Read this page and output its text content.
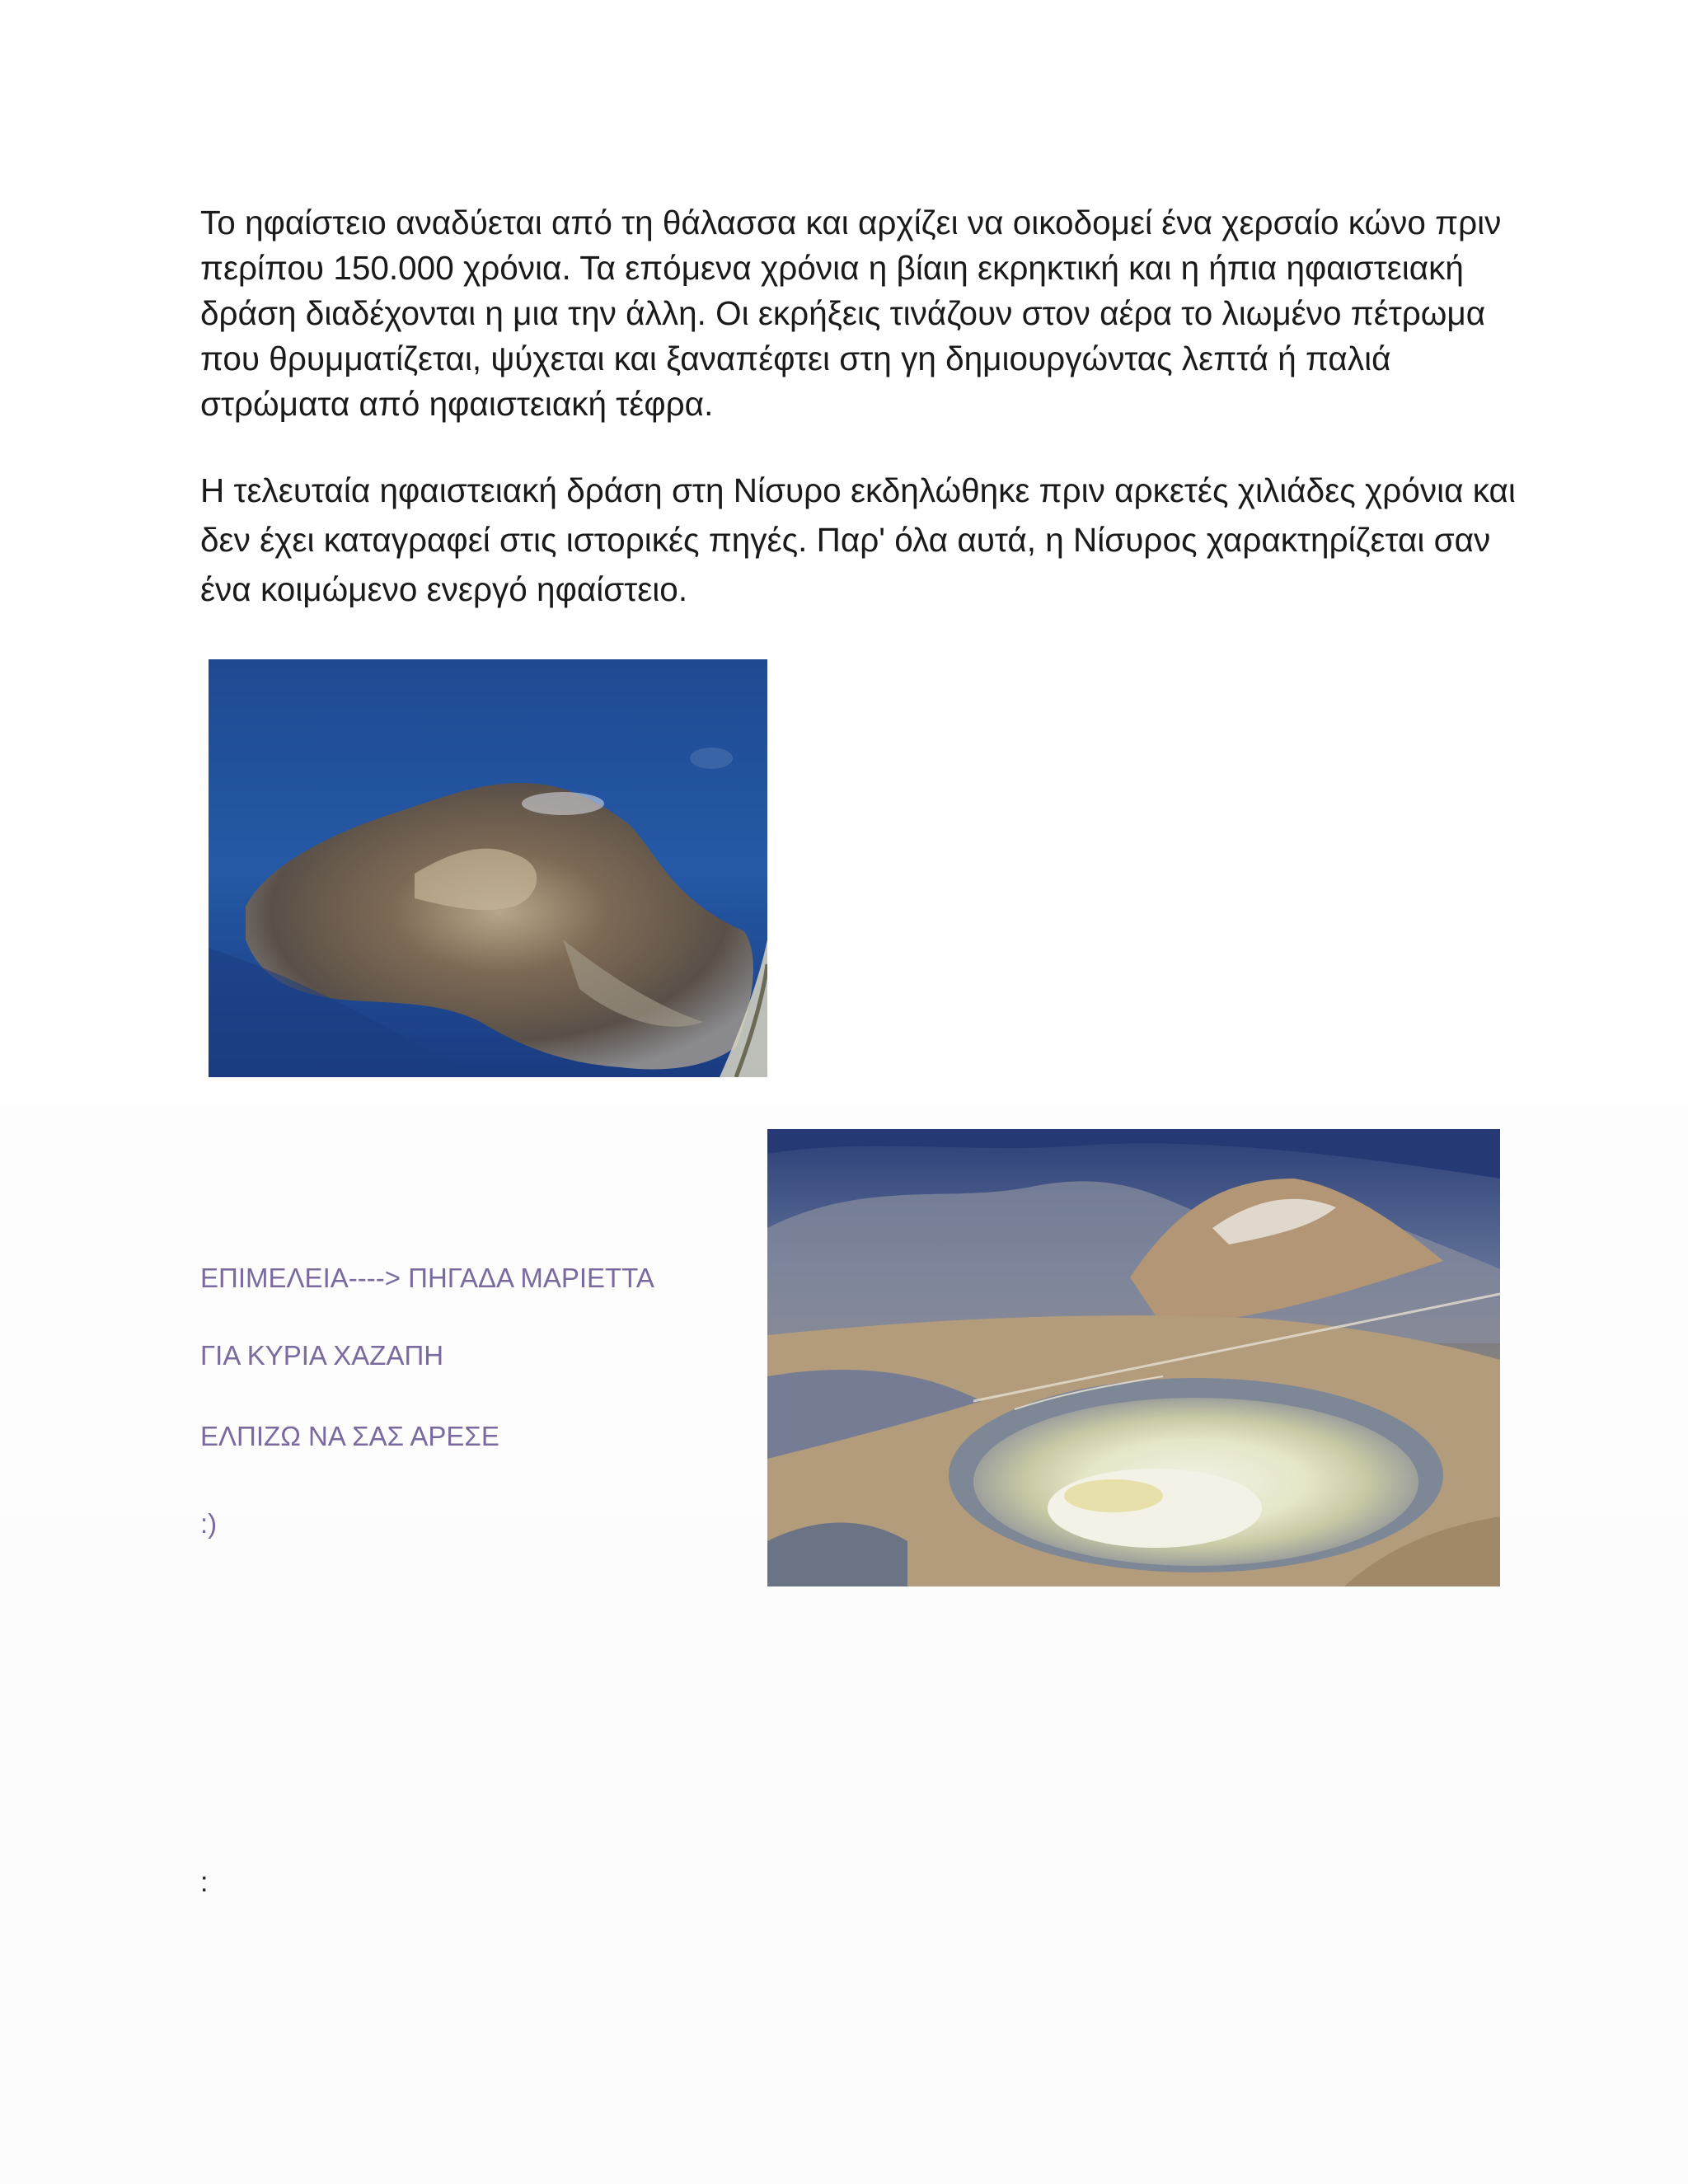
Το ηφαίστειο αναδύεται από τη θάλασσα και αρχίζει να οικοδομεί ένα χερσαίο κώνο πριν περίπου 150.000 χρόνια. Τα επόμενα χρόνια η βίαιη εκρηκτική και η ήπια ηφαιστειακή δράση διαδέχονται η μια την άλλη. Οι εκρήξεις τινάζουν στον αέρα το λιωμένο πέτρωμα που θρυμματίζεται, ψύχεται και ξαναπέφτει στη γη δημιουργώντας λεπτά ή παλιά στρώματα από ηφαιστειακή τέφρα.

Η τελευταία ηφαιστειακή δράση στη Νίσυρο εκδηλώθηκε πριν αρκετές χιλιάδες χρόνια και δεν έχει καταγραφεί στις ιστορικές πηγές. Παρ' όλα αυτά, η Νίσυρος χαρακτηρίζεται σαν ένα κοιμώμενο ενεργό ηφαίστειο.

ΕΠΙΜΕΛΕΙΑ----> ΠΗΓΑΔΑ ΜΑΡΙΕΤΤΑ

ΓΙΑ ΚΥΡΙΑ ΧΑΖΑΠΗ

ΕΛΠΙΖΩ ΝΑ ΣΑΣ ΑΡΕΣΕ

:)

:
